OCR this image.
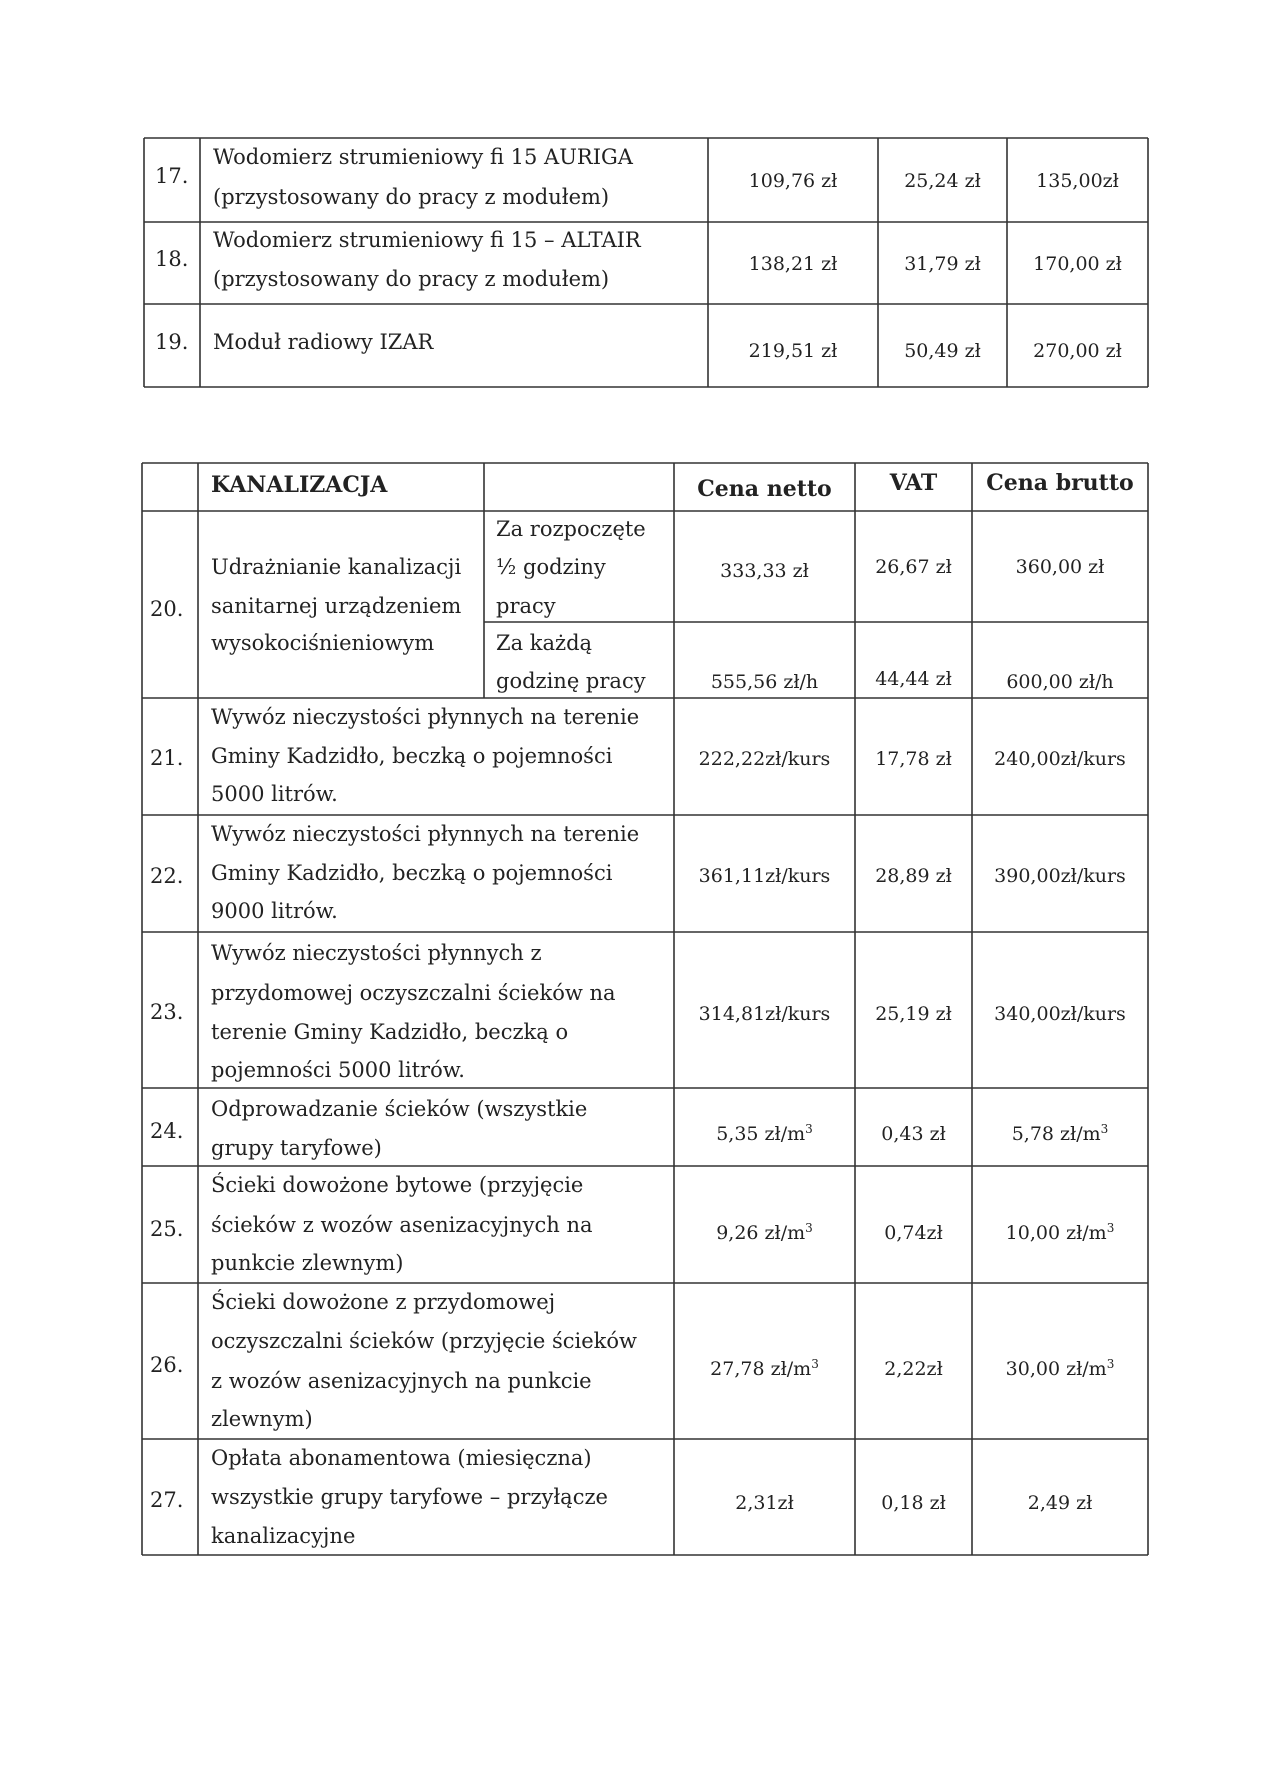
17.
Wodomierz strumieniowy fi 15 AURIGA
(przystosowany do pracy z modułem)
109,76 zł	25,24 zł	135,00zł
18.
Wodomierz strumieniowy fi 15 – ALTAIR
(przystosowany do pracy z modułem)
138,21 zł	31,79 zł	170,00 zł
19. Moduł radiowy IZAR	219,51 zł	50,49 zł	270,00 zł
KANALIZACJA	Cena netto	VAT	Cena brutto
20.
Udrażnianie kanalizacji
sanitarnej urządzeniem
wysokociśnieniowym
Za rozpoczęte
½ godziny
pracy
333,33 zł	26,67 zł	360,00 zł
Za każdą
godzinę pracy	555,56 zł/h	44,44 zł	600,00 zł/h
21.
Wywóz nieczystości płynnych na terenie
Gminy Kadzidło, beczką o pojemności
5000 litrów.
222,22zł/kurs	17,78 zł	240,00zł/kurs
22.
Wywóz nieczystości płynnych na terenie
Gminy Kadzidło, beczką o pojemności
9000 litrów.
361,11zł/kurs	28,89 zł	390,00zł/kurs
23.
Wywóz nieczystości płynnych z
przydomowej oczyszczalni ścieków na
terenie Gminy Kadzidło, beczką o
pojemności 5000 litrów.
314,81zł/kurs	25,19 zł	340,00zł/kurs
24.
Odprowadzanie ścieków (wszystkie
grupy taryfowe)
5,35 $zł/m^3$	0,43 zł	5,78 $zł/m^3$
25.
Ścieki dowożone bytowe (przyjęcie
ścieków z wozów asenizacyjnych na
punkcie zlewnym)
9,26 $zł/m^3$	0,74zł	10,00 $zł/m^3$
26.
Ścieki dowożone z przydomowej
oczyszczalni ścieków (przyjęcie ścieków
z wozów asenizacyjnych na punkcie
zlewnym)
27,78 $zł/m^3$	2,22zł	30,00 $zł/m^3$
27.
Opłata abonamentowa (miesięczna)
wszystkie grupy taryfowe – przyłącze
kanalizacyjne
2,31zł	0,18 zł	2,49 zł
